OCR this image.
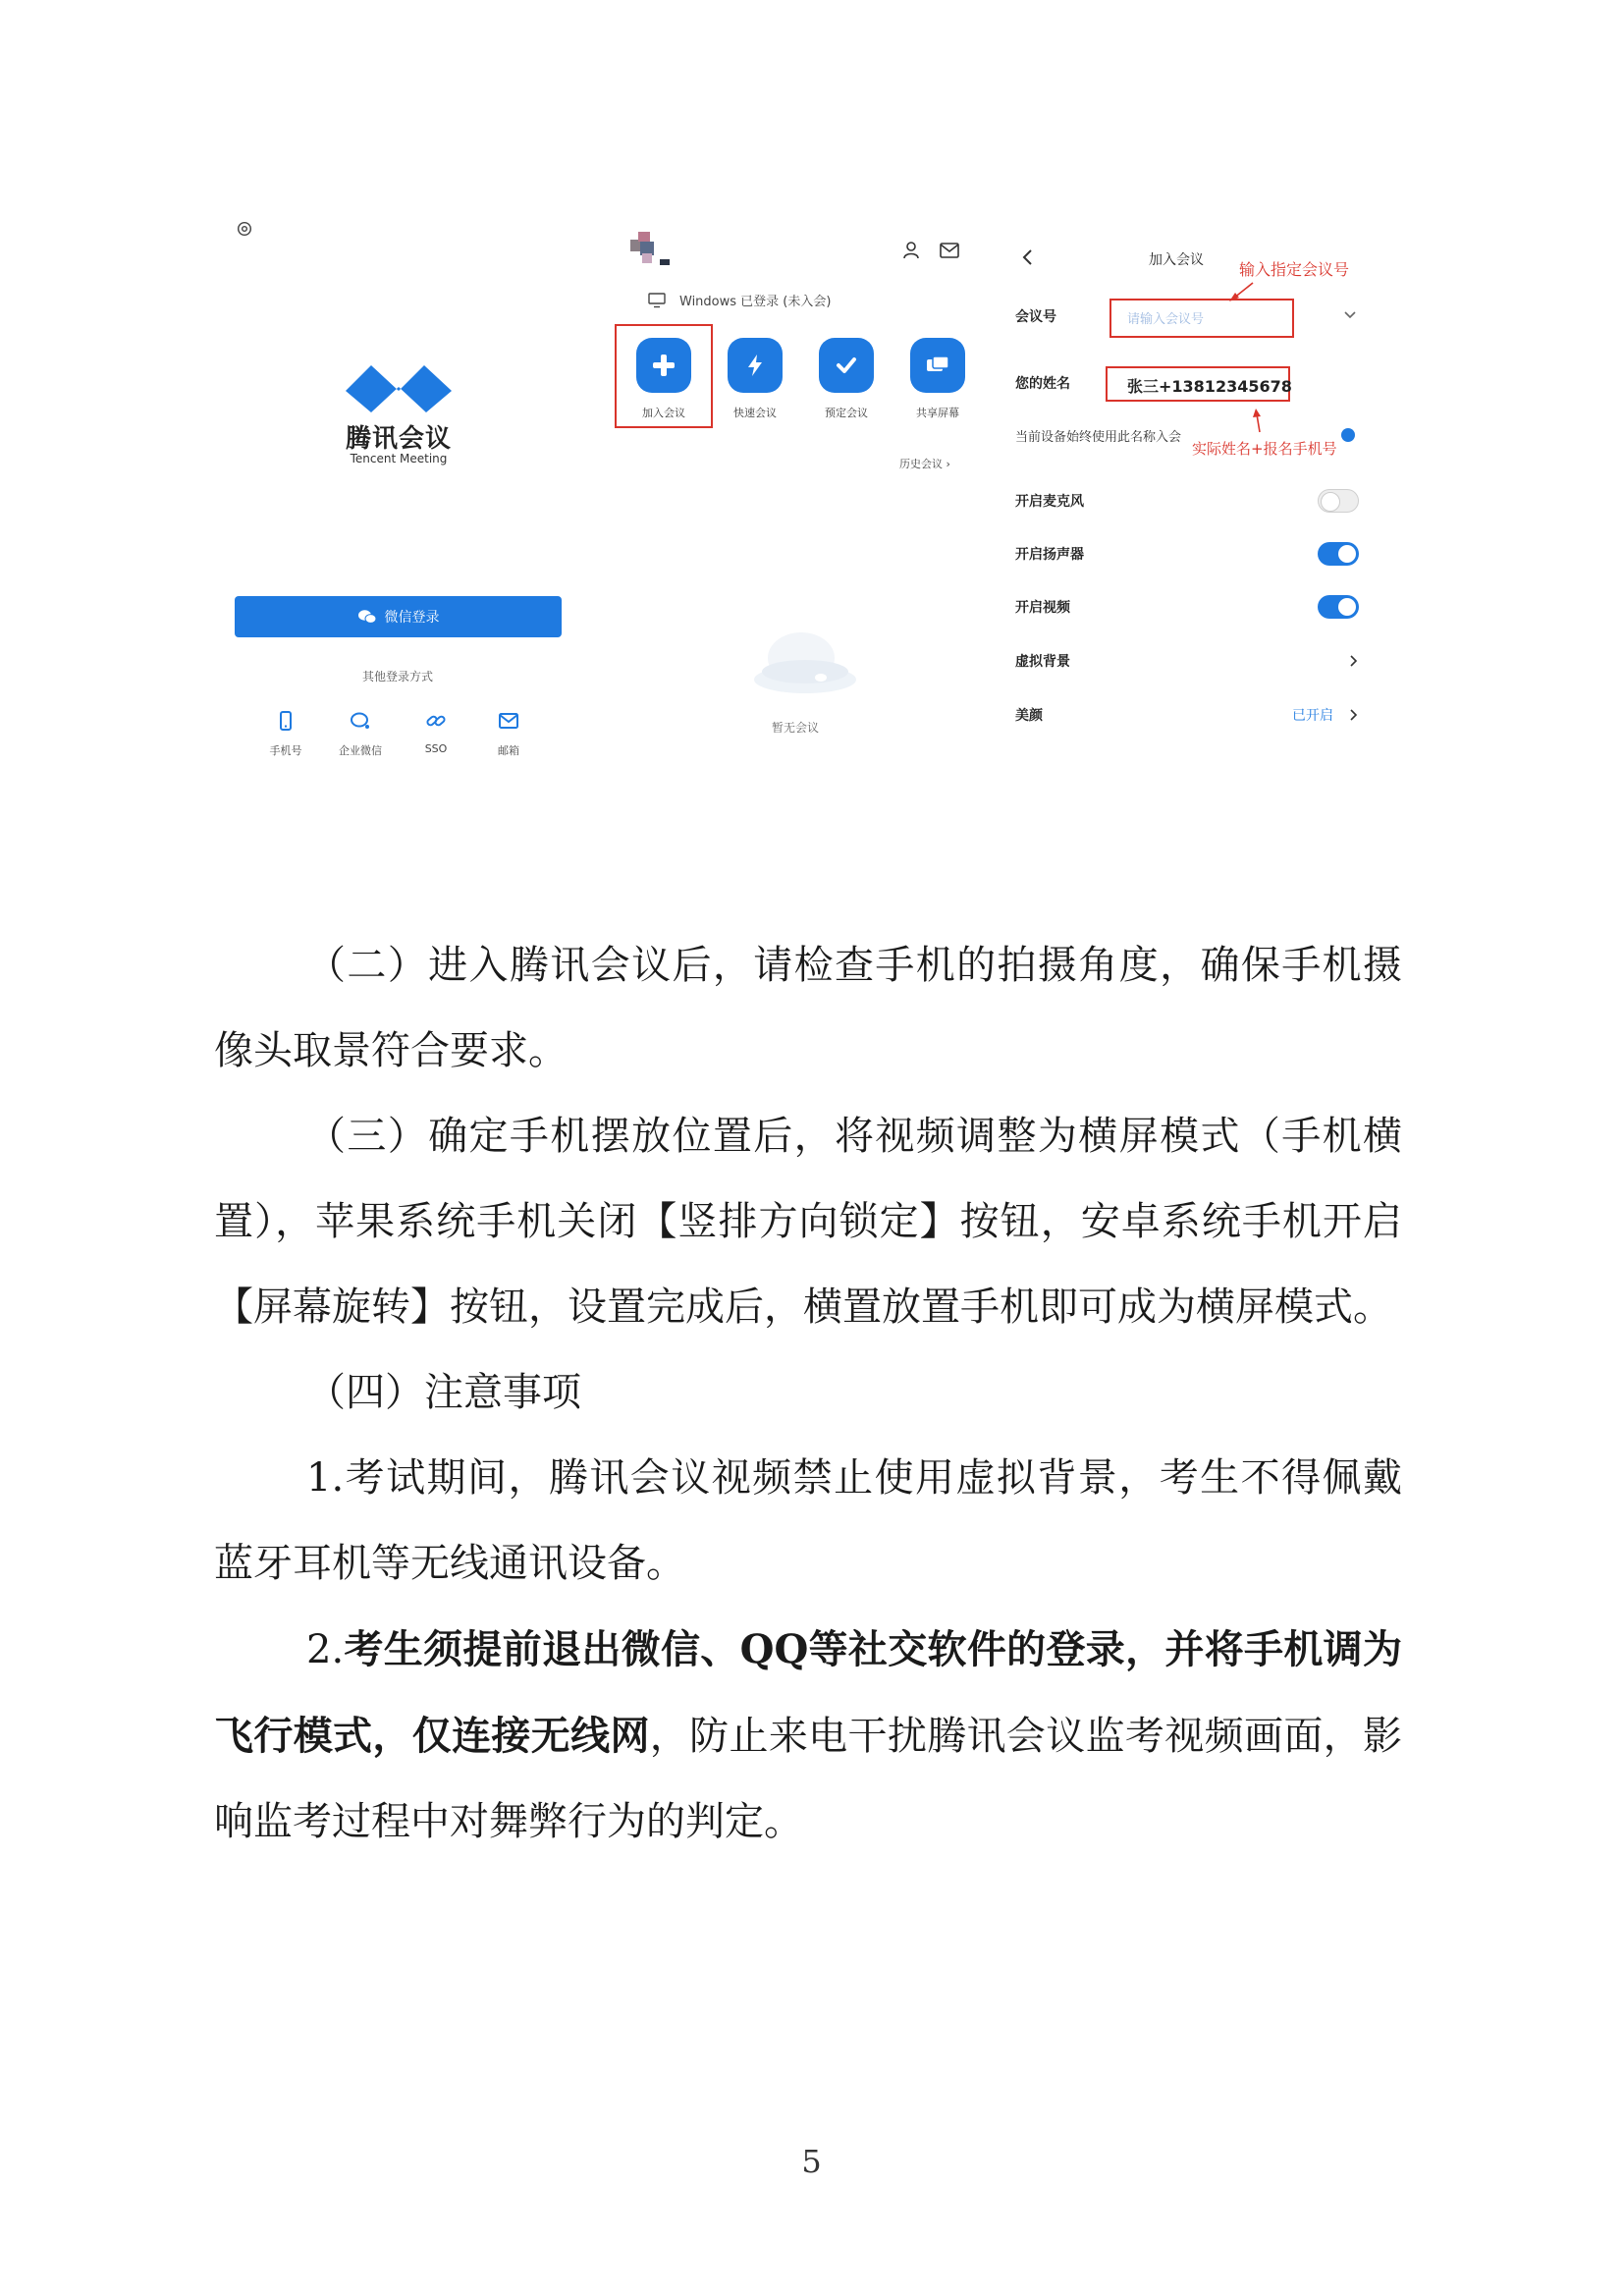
腾讯会议
Tencent Meeting
微信登录
其他登录方式
手机号	企业微信	SSO	邮箱
Windows 已登录 (未入会)
加入会议	快速会议	预定会议	共享屏幕
历史会议 ›
暂无会议
加入会议 输入指定会议号
会议号	请输入会议号
您的姓名	张三+13812345678
当前设备始终使用此名称入会
实际姓名+报名手机号
开启麦克风
开启扬声器
开启视频
虚拟背景
美颜	已开启

（二）进入腾讯会议后，请检查手机的拍摄角度，确保手机摄像头取景符合要求。

（三）确定手机摆放位置后，将视频调整为横屏模式（手机横置），苹果系统手机关闭【竖排方向锁定】按钮，安卓系统手机开启【屏幕旋转】按钮，设置完成后，横置放置手机即可成为横屏模式。

（四）注意事项

1.考试期间，腾讯会议视频禁止使用虚拟背景，考生不得佩戴蓝牙耳机等无线通讯设备。

2.考生须提前退出微信、QQ等社交软件的登录，并将手机调为飞行模式，仅连接无线网，防止来电干扰腾讯会议监考视频画面，影响监考过程中对舞弊行为的判定。

5
